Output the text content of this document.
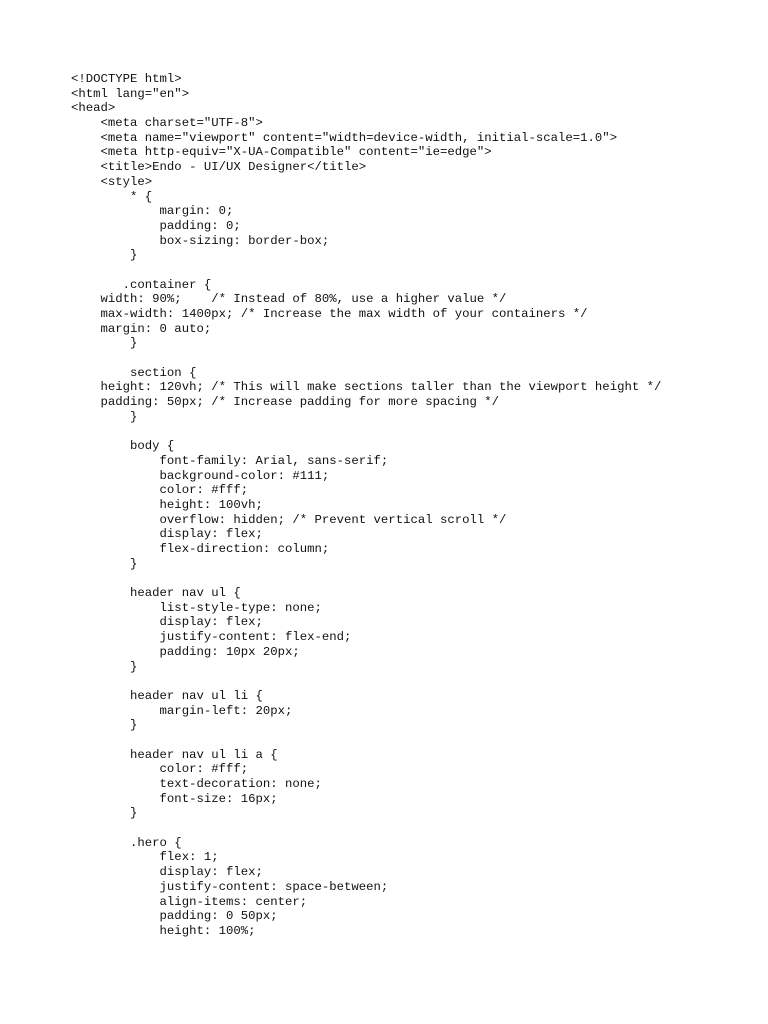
<!DOCTYPE html>
<html lang="en">
<head>
<meta charset="UTF-8">
<meta name="viewport" content="width=device-width, initial-scale=1.0">
<meta http-equiv="X-UA-Compatible" content="ie=edge">
<title>Endo - UI/UX Designer</title>
<style>
* {
margin: 0;
padding: 0;
box-sizing: border-box;
}
.container {
width: 90%;    /* Instead of 80%, use a higher value */
max-width: 1400px; /* Increase the max width of your containers */
margin: 0 auto;
}
section {
height: 120vh; /* This will make sections taller than the viewport height */
padding: 50px; /* Increase padding for more spacing */
}
body {
font-family: Arial, sans-serif;
background-color: #111;
color: #fff;
height: 100vh;
overflow: hidden; /* Prevent vertical scroll */
display: flex;
flex-direction: column;
}
header nav ul {
list-style-type: none;
display: flex;
justify-content: flex-end;
padding: 10px 20px;
}
header nav ul li {
margin-left: 20px;
}
header nav ul li a {
color: #fff;
text-decoration: none;
font-size: 16px;
}
.hero {
flex: 1;
display: flex;
justify-content: space-between;
align-items: center;
padding: 0 50px;
height: 100%;
